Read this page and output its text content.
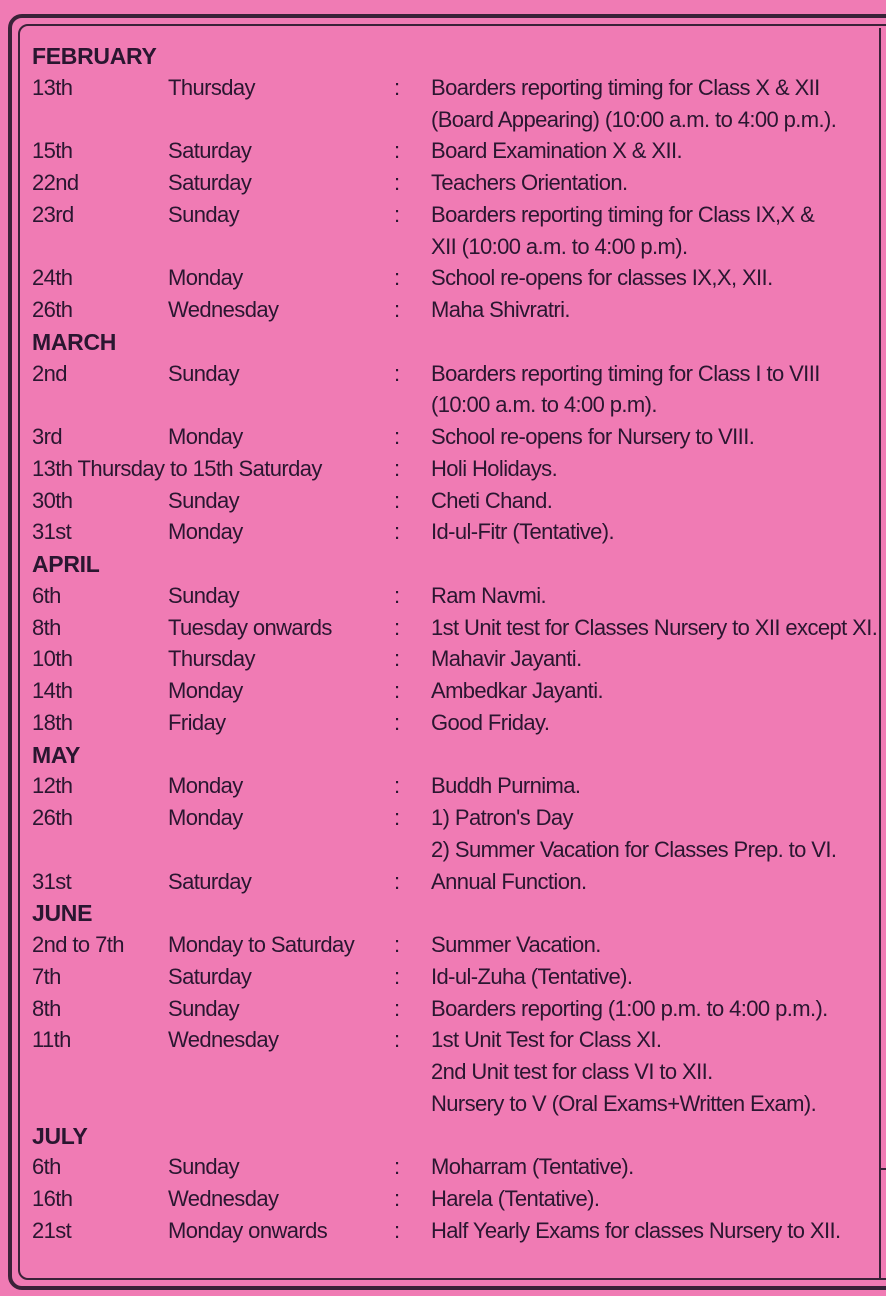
FEBRUARY
13th	Thursday	: Boarders reporting timing for Class X & XII
(Board Appearing) (10:00 a.m. to 4:00 p.m.).
15th	Saturday	: Board Examination X & XII.
22nd	Saturday	: Teachers Orientation.
23rd	Sunday	: Boarders reporting timing for Class IX,X &
XII (10:00 a.m. to 4:00 p.m).
24th	Monday	: School re-opens for classes IX,X, XII.
26th	Wednesday	: Maha Shivratri.
MARCH
2nd	Sunday	: Boarders reporting timing for Class I to VIII
(10:00 a.m. to 4:00 p.m).
3rd	Monday	: School re-opens for Nursery to VIII.
13th Thursday to 15th Saturday	: Holi Holidays.
30th	Sunday	: Cheti Chand.
31st	Monday	: Id-ul-Fitr (Tentative).
APRIL
6th	Sunday	: Ram Navmi.
8th	Tuesday onwards	: 1st Unit test for Classes Nursery to XII except XI.
10th	Thursday	: Mahavir Jayanti.
14th	Monday	: Ambedkar Jayanti.
18th	Friday	: Good Friday.
MAY
12th	Monday	: Buddh Purnima.
26th	Monday	: 1) Patron's Day
2) Summer Vacation for Classes Prep. to VI.
31st	Saturday	: Annual Function.
JUNE
2nd to 7th Monday to Saturday : Summer Vacation.
7th	Saturday	: Id-ul-Zuha (Tentative).
8th	Sunday	: Boarders reporting (1:00 p.m. to 4:00 p.m.).
11th	Wednesday	: 1st Unit Test for Class XI.
2nd Unit test for class VI to XII.
Nursery to V (Oral Exams+Written Exam).
JULY
6th	Sunday	: Moharram (Tentative).
16th	Wednesday	: Harela (Tentative).
21st	Monday onwards	: Half Yearly Exams for classes Nursery to XII.
